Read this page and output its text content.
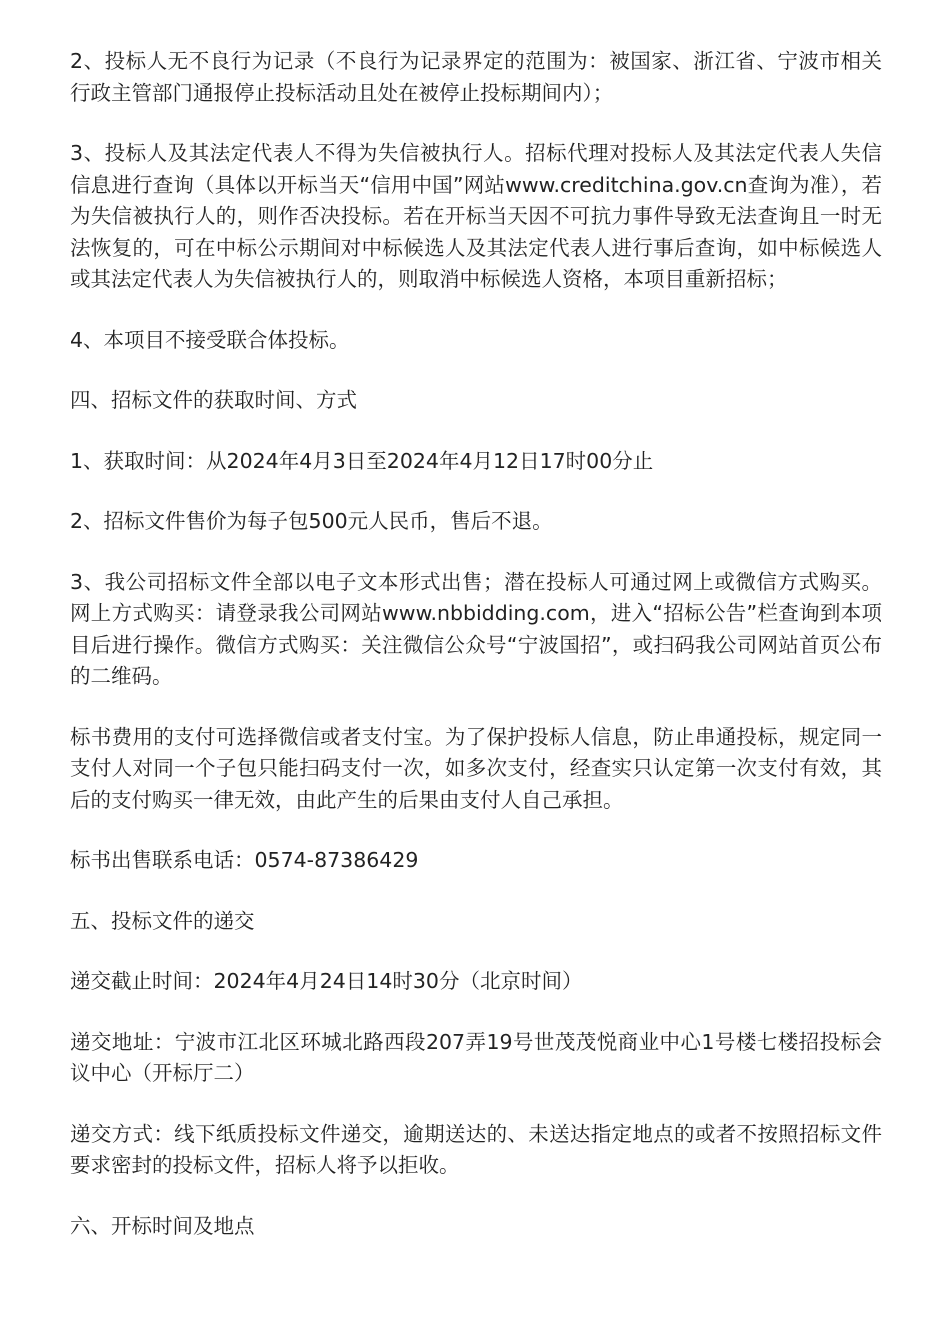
2、投标人无不良行为记录（不良行为记录界定的范围为：被国家、浙江省、宁波市相关行政主管部门通报停止投标活动且处在被停止投标期间内）；

3、投标人及其法定代表人不得为失信被执行人。招标代理对投标人及其法定代表人失信信息进行查询（具体以开标当天“信用中国”网站www.creditchina.gov.cn查询为准），若为失信被执行人的，则作否决投标。若在开标当天因不可抗力事件导致无法查询且一时无法恢复的，可在中标公示期间对中标候选人及其法定代表人进行事后查询，如中标候选人或其法定代表人为失信被执行人的，则取消中标候选人资格，本项目重新招标；

4、本项目不接受联合体投标。

四、招标文件的获取时间、方式

1、获取时间：从2024年4月3日至2024年4月12日17时00分止

2、招标文件售价为每子包500元人民币，售后不退。

3、我公司招标文件全部以电子文本形式出售；潜在投标人可通过网上或微信方式购买。网上方式购买：请登录我公司网站www.nbbidding.com，进入“招标公告”栏查询到本项目后进行操作。微信方式购买：关注微信公众号“宁波国招”，或扫码我公司网站首页公布的二维码。

标书费用的支付可选择微信或者支付宝。为了保护投标人信息，防止串通投标，规定同一支付人对同一个子包只能扫码支付一次，如多次支付，经查实只认定第一次支付有效，其后的支付购买一律无效，由此产生的后果由支付人自己承担。

标书出售联系电话：0574-87386429

五、投标文件的递交

递交截止时间：2024年4月24日14时30分（北京时间）

递交地址：宁波市江北区环城北路西段207弄19号世茂茂悦商业中心1号楼七楼招投标会议中心（开标厅二）

递交方式：线下纸质投标文件递交，逾期送达的、未送达指定地点的或者不按照招标文件要求密封的投标文件，招标人将予以拒收。

六、开标时间及地点
